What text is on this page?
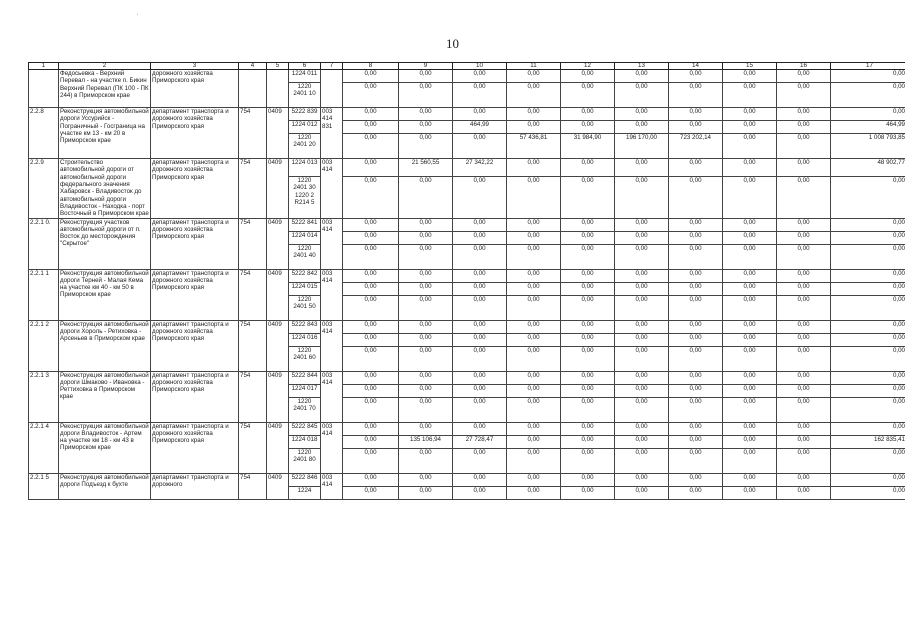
'
10
1	2	3	4	5	6	7	8	9	10	11	12	13	14	15	16	17
	Федосьевка - Верхний Перевал - на участке п. Бикин Верхний Перевал (ПК 100 - ПК 244) в Приморском крае	дорожного хозяйства Приморского края			1224 011		0,00	0,00	0,00	0,00	0,00	0,00	0,00	0,00	0,00	0,00
					1220 2401 10		0,00	0,00	0,00	0,00	0,00	0,00	0,00	0,00	0,00	0,00
2.2.8	Реконструкция автомобильной дороги Уссурийск - Пограничный - Госграница на участке км 13 - км 20 в Приморском крае	департамент транспорта и дорожного хозяйства Приморского края	754	0409	5222 839	003 414 831	0,00	0,00	0,00	0,00	0,00	0,00	0,00	0,00	0,00	0,00
					1224 012		0,00	0,00	464,99	0,00	0,00	0,00	0,00	0,00	0,00	464,99
					1220 2401 20		0,00	0,00	0,00	57 436,81	31 984,90	196 170,00	723 202,14	0,00	0,00	1 008 793,85
2.2.9	Строительство автомобильной дороги от автомобильной дороги федерального значения Хабаровск - Владивосток до автомобильной дороги Владивосток - Находка - порт Восточный в Приморском крае	департамент транспорта и дорожного хозяйства Приморского края	754	0409	1224 013	003 414	0,00	21 560,55	27 342,22	0,00	0,00	0,00	0,00	0,00	0,00	48 902,77
					1220 2401 30 1220 2 R214 5		0,00	0,00	0,00	0,00	0,00	0,00	0,00	0,00	0,00	0,00
2.2.1 0.	Реконструкция участков автомобильной дороги от п. Восток до месторождения "Скрытое"	департамент транспорта и дорожного хозяйства Приморского края	754	0409	5222 841	003 414	0,00	0,00	0,00	0,00	0,00	0,00	0,00	0,00	0,00	0,00
					1224 014		0,00	0,00	0,00	0,00	0,00	0,00	0,00	0,00	0,00	0,00
					1220 2401 40		0,00	0,00	0,00	0,00	0,00	0,00	0,00	0,00	0,00	0,00
2.2.1 1	Реконструкция автомобильной дороги Терней - Малая Кема на участке км 40 - км 50 в Приморском крае	департамент транспорта и дорожного хозяйства Приморского края	754	0409	5222 842	003 414	0,00	0,00	0,00	0,00	0,00	0,00	0,00	0,00	0,00	0,00
					1224 015		0,00	0,00	0,00	0,00	0,00	0,00	0,00	0,00	0,00	0,00
					1220 2401 50		0,00	0,00	0,00	0,00	0,00	0,00	0,00	0,00	0,00	0,00
2.2.1 2	Реконструкция автомобильной дороги Хороль - Ретиховка - Арсеньев в Приморском крае	департамент транспорта и дорожного хозяйства Приморского края	754	0409	5222 843	003 414	0,00	0,00	0,00	0,00	0,00	0,00	0,00	0,00	0,00	0,00
					1224 016		0,00	0,00	0,00	0,00	0,00	0,00	0,00	0,00	0,00	0,00
					1220 2401 60		0,00	0,00	0,00	0,00	0,00	0,00	0,00	0,00	0,00	0,00
2.2.1 3	Реконструкция автомобильной дороги Шмаково - Ивановка - Реттиховка в Приморском крае	департамент транспорта и дорожного хозяйства Приморского края	754	0409	5222 844	003 414	0,00	0,00	0,00	0,00	0,00	0,00	0,00	0,00	0,00	0,00
					1224 017		0,00	0,00	0,00	0,00	0,00	0,00	0,00	0,00	0,00	0,00
					1220 2401 70		0,00	0,00	0,00	0,00	0,00	0,00	0,00	0,00	0,00	0,00
2.2.1 4	Реконструкция автомобильной дороги Владивосток - Артем на участке км 18 - км 43 в Приморском крае	департамент транспорта и дорожного хозяйства Приморского края	754	0409	5222 845	003 414	0,00	0,00	0,00	0,00	0,00	0,00	0,00	0,00	0,00	0,00
					1224 018		0,00	135 106,94	27 728,47	0,00	0,00	0,00	0,00	0,00	0,00	162 835,41
					1220 2401 80		0,00	0,00	0,00	0,00	0,00	0,00	0,00	0,00	0,00	0,00
2.2.1 5	Реконструкция автомобильной дороги Подъезд к бухте	департамент транспорта и дорожного	754	0409	5222 846	003 414	0,00	0,00	0,00	0,00	0,00	0,00	0,00	0,00	0,00	0,00
					1224		0,00	0,00	0,00	0,00	0,00	0,00	0,00	0,00	0,00	0,00
